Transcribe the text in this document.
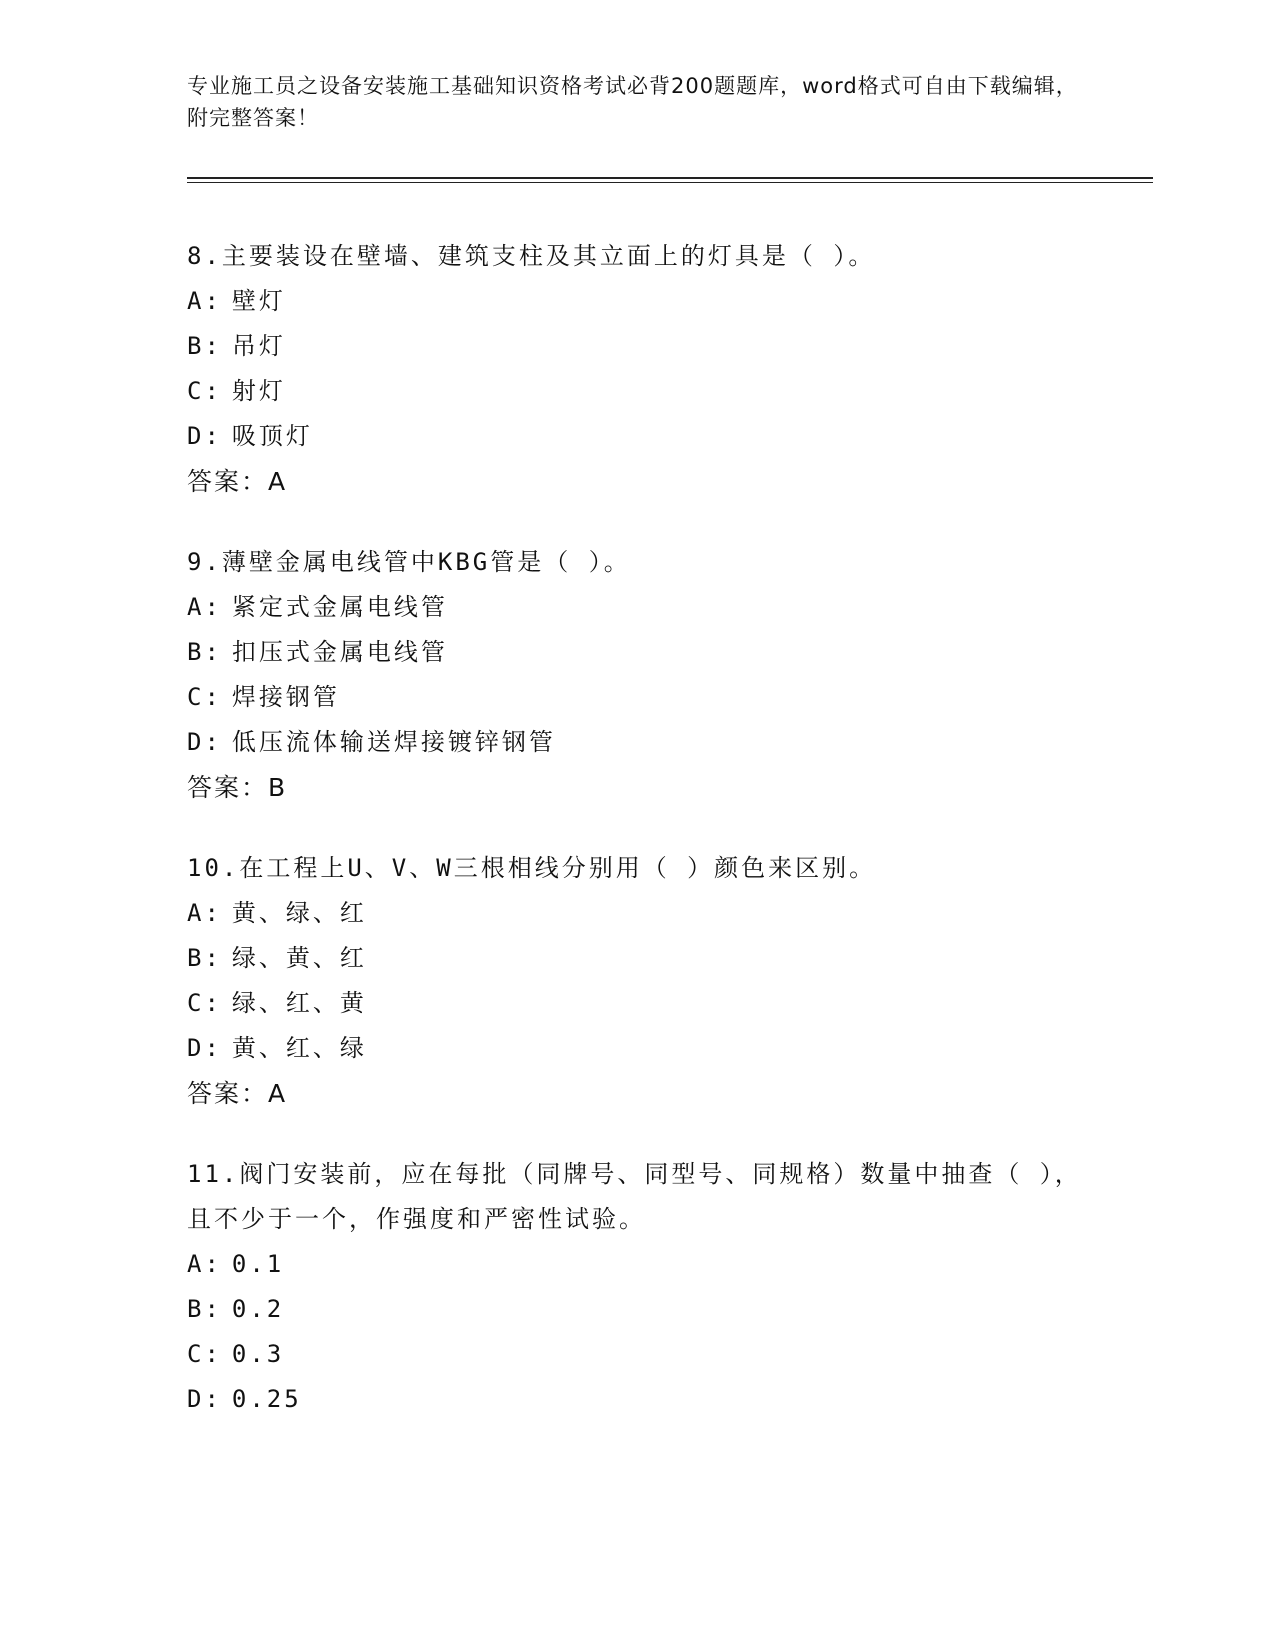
专业施工员之设备安装施工基础知识资格考试必背200题题库，word格式可自由下载编辑，附完整答案！

8.主要装设在壁墙、建筑支柱及其立面上的灯具是（ ）。

A: 壁灯

B: 吊灯

C: 射灯

D: 吸顶灯

答案：A

9.薄壁金属电线管中KBG管是（ ）。

A: 紧定式金属电线管

B: 扣压式金属电线管

C: 焊接钢管

D: 低压流体输送焊接镀锌钢管

答案：B

10.在工程上U、V、W三根相线分别用（ ）颜色来区别。

A: 黄、绿、红

B: 绿、黄、红

C: 绿、红、黄

D: 黄、红、绿

答案：A

11.阀门安装前，应在每批（同牌号、同型号、同规格）数量中抽查（ ），且不少于一个，作强度和严密性试验。

A: 0.1

B: 0.2

C: 0.3

D: 0.25
